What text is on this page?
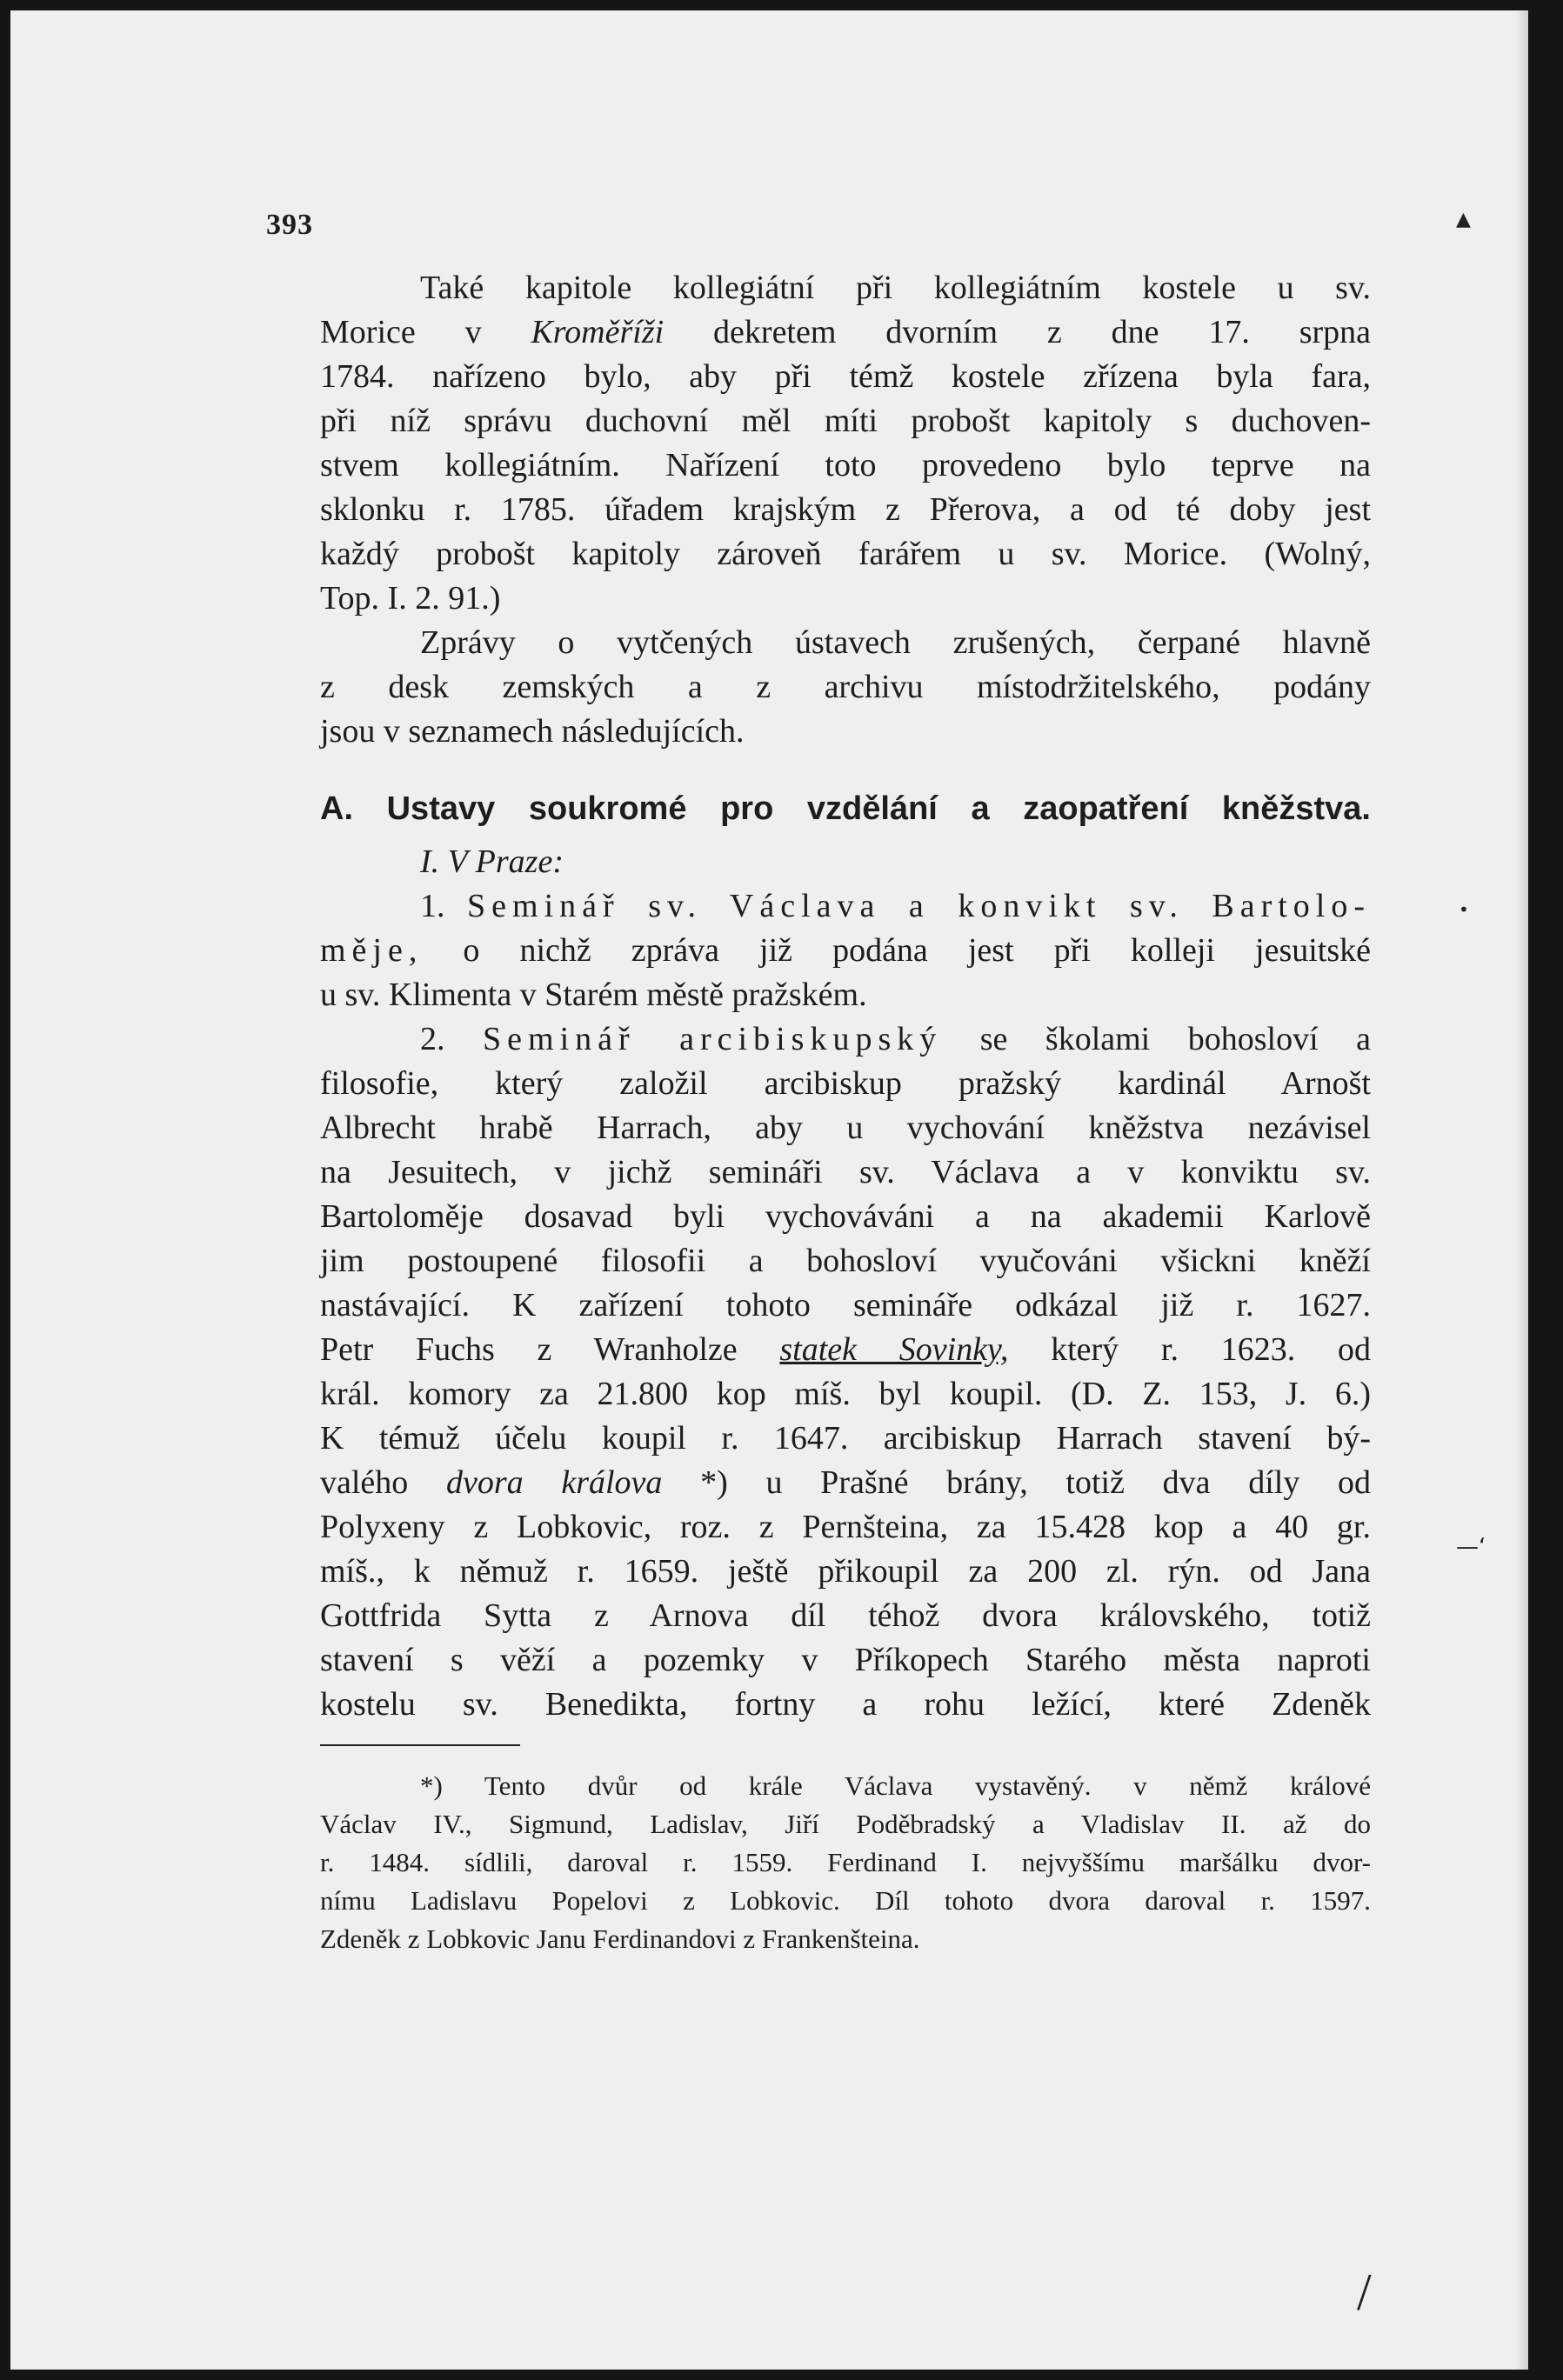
393	▲
•
—‘
/

Také kapitole kollegiátní při kollegiátním kostele u sv.

Morice v Kroměříži dekretem dvorním z dne 17. srpna

1784. nařízeno bylo, aby při témž kostele zřízena byla fara,

při níž správu duchovní měl míti probošt kapitoly s duchoven-

stvem kollegiátním. Nařízení toto provedeno bylo teprve na

sklonku r. 1785. úřadem krajským z Přerova, a od té doby jest

každý probošt kapitoly zároveň farářem u sv. Morice. (Wolný,

Top. I. 2. 91.)

Zprávy o vytčených ústavech zrušených, čerpané hlavně

z desk zemských a z archivu místodržitelského, podány

jsou v seznamech následujících.

A. Ustavy soukromé pro vzdělání a zaopatření kněžstva.

I. V Praze:

1. Seminář sv. Václava a konvikt sv. Bartolo-

měje, o nichž zpráva již podána jest při kolleji jesuitské

u sv. Klimenta v Starém městě pražském.

2. Seminář arcibiskupský se školami bohosloví a

filosofie, který založil arcibiskup pražský kardinál Arnošt

Albrecht hrabě Harrach, aby u vychování kněžstva nezávisel

na Jesuitech, v jichž semináři sv. Václava a v konviktu sv.

Bartoloměje dosavad byli vychováváni a na akademii Karlově

jim postoupené filosofii a bohosloví vyučováni všickni kněží

nastávající. K zařízení tohoto semináře odkázal již r. 1627.

Petr Fuchs z Wranholze statek Sovinky, který r. 1623. od

král. komory za 21.800 kop míš. byl koupil. (D. Z. 153, J. 6.)

K témuž účelu koupil r. 1647. arcibiskup Harrach stavení bý-

valého dvora králova *) u Prašné brány, totiž dva díly od

Polyxeny z Lobkovic, roz. z Pernšteina, za 15.428 kop a 40 gr.

míš., k němuž r. 1659. ještě přikoupil za 200 zl. rýn. od Jana

Gottfrida Sytta z Arnova díl téhož dvora královského, totiž

stavení s věží a pozemky v Příkopech Starého města naproti

kostelu sv. Benedikta, fortny a rohu ležící, které Zdeněk

*) Tento dvůr od krále Václava vystavěný. v němž králové

Václav IV., Sigmund, Ladislav, Jiří Poděbradský a Vladislav II. až do

r. 1484. sídlili, daroval r. 1559. Ferdinand I. nejvyššímu maršálku dvor-

nímu Ladislavu Popelovi z Lobkovic. Díl tohoto dvora daroval r. 1597.

Zdeněk z Lobkovic Janu Ferdinandovi z Frankenšteina.
